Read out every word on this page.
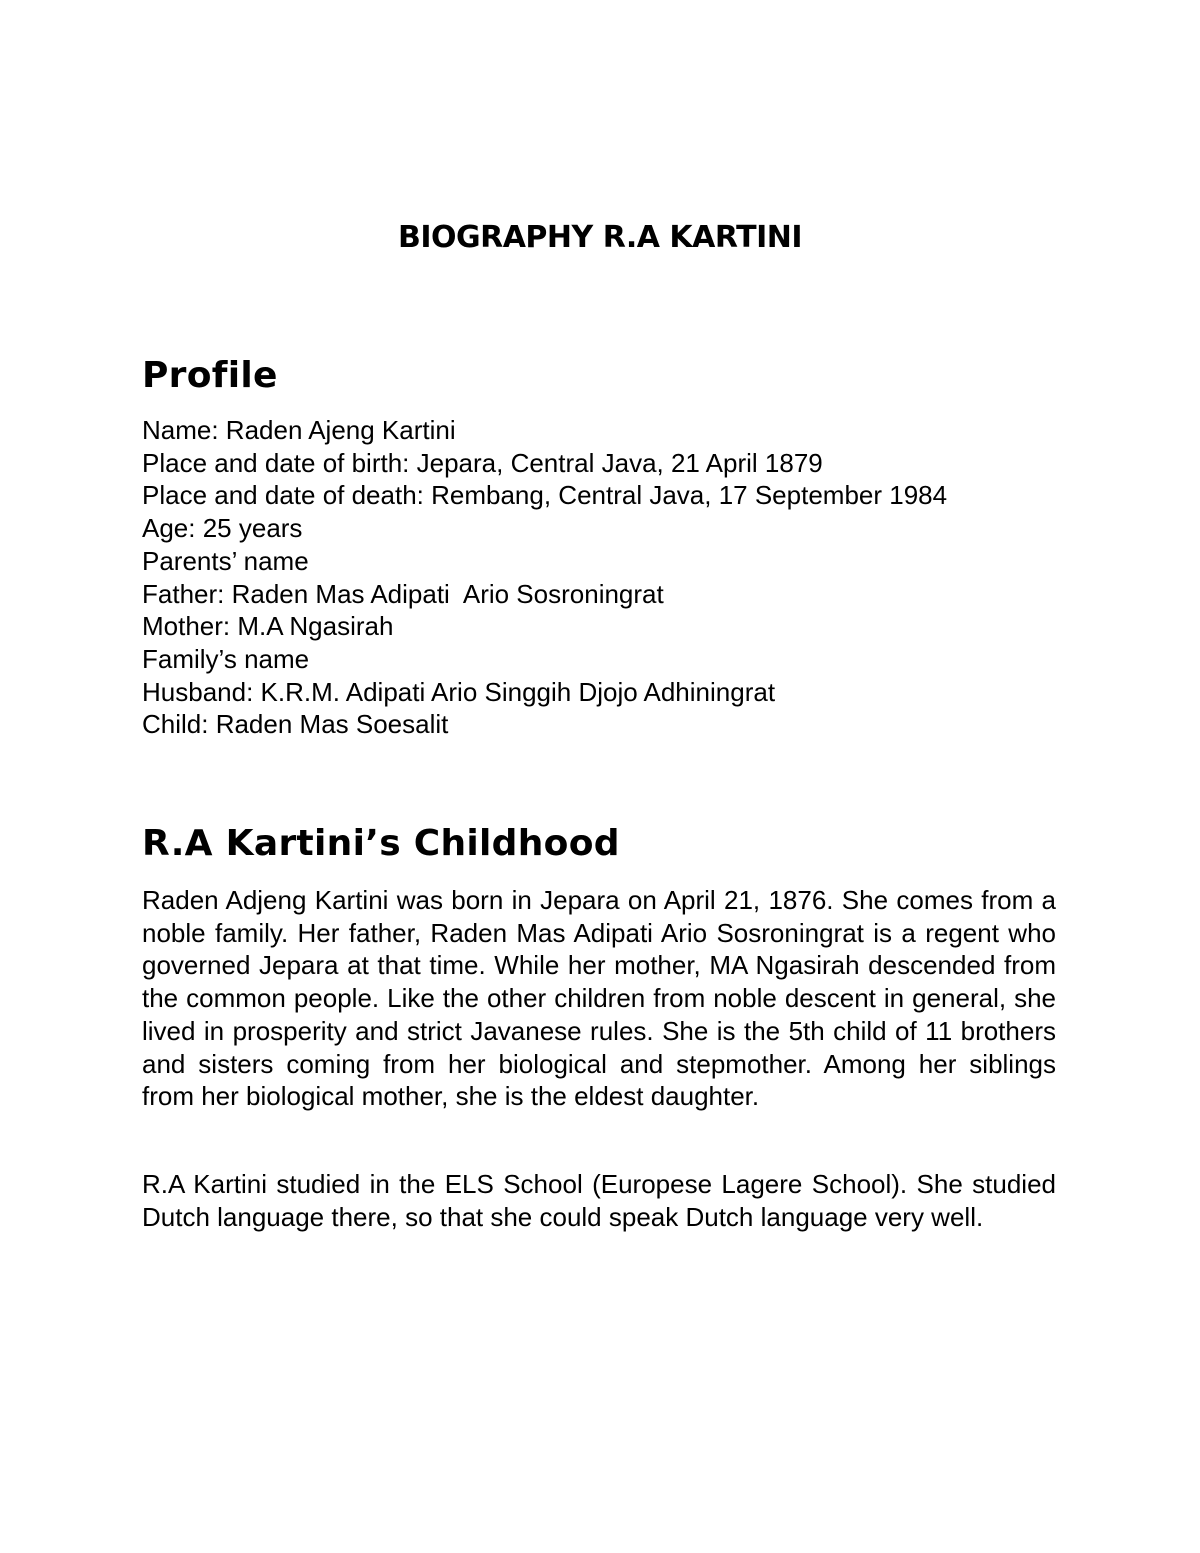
BIOGRAPHY R.A KARTINI
Profile
Name: Raden Ajeng Kartini
Place and date of birth: Jepara, Central Java, 21 April 1879
Place and date of death: Rembang, Central Java, 17 September 1984
Age: 25 years
Parents’ name
Father: Raden Mas Adipati  Ario Sosroningrat
Mother: M.A Ngasirah
Family’s name
Husband: K.R.M. Adipati Ario Singgih Djojo Adhiningrat
Child: Raden Mas Soesalit
R.A Kartini’s Childhood

Raden Adjeng Kartini was born in Jepara on April 21, 1876. She comes from a noble family. Her father, Raden Mas Adipati Ario Sosroningrat is a regent who governed Jepara at that time. While her mother, MA Ngasirah descended from the common people. Like the other children from noble descent in general, she lived in prosperity and strict Javanese rules. She is the 5th child of 11 brothers and sisters coming from her biological and stepmother. Among her siblings from her biological mother, she is the eldest daughter.

R.A Kartini studied in the ELS School (Europese Lagere School). She studied Dutch language there, so that she could speak Dutch language very well.
